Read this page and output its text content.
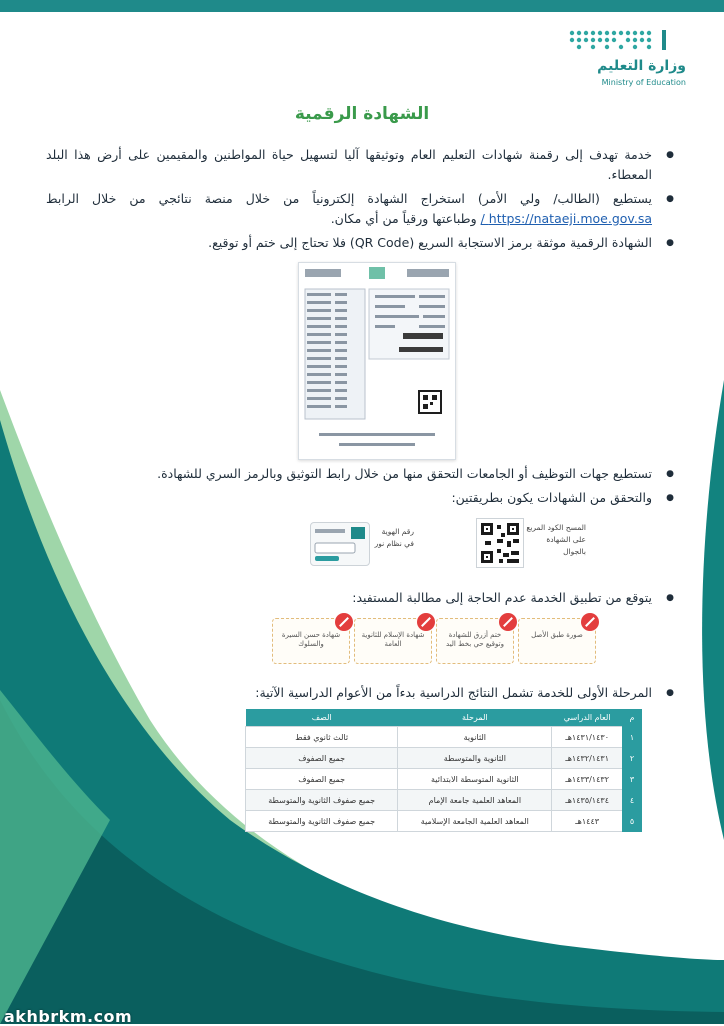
وزارة التعليم
Ministry of Education
الشهادة الرقمية
● خدمة تهدف إلى رقمنة شهادات التعليم العام وتوثيقها آليا لتسهيل حياة المواطنين والمقيمين على أرض هذا البلد المعطاء.
● يستطيع (الطالب/ ولي الأمر) استخراج الشهادة إلكترونياً من خلال منصة نتائجي من خلال الرابط https://nataeji.moe.gov.sa / وطباعتها ورقياً من أي مكان.
● الشهادة الرقمية موثقة برمز الاستجابة السريع (QR Code) فلا تحتاج إلى ختم أو توقيع.
● تستطيع جهات التوظيف أو الجامعات التحقق منها من خلال رابط التوثيق وبالرمز السري للشهادة.
● والتحقق من الشهادات يكون بطريقتين:
رقم الهوية في نظام نور
المسح الكود المربع على الشهادة بالجوال
● يتوقع من تطبيق الخدمة عدم الحاجة إلى مطالبة المستفيد:
صورة طبق الأصل
ختم أزرق للشهادة وتوقيع حي بخط اليد
شهادة الإسلام للثانوية العامة
شهادة حسن السيرة والسلوك
● المرحلة الأولى للخدمة تشمل النتائج الدراسية بدءاً من الأعوام الدراسية الآتية:
م	العام الدراسي	المرحلة	الصف
١	١٤٣١/١٤٣٠هـ	الثانوية	ثالث ثانوي فقط
٢	١٤٣٢/١٤٣١هـ	الثانوية والمتوسطة	جميع الصفوف
٣	١٤٣٣/١٤٣٢هـ	الثانوية المتوسطة الابتدائية	جميع الصفوف
٤	١٤٣٥/١٤٣٤هـ	المعاهد العلمية جامعة الإمام	جميع صفوف الثانوية والمتوسطة
٥	١٤٤٣هـ	المعاهد العلمية الجامعة الإسلامية	جميع صفوف الثانوية والمتوسطة
akhbrkm.com
